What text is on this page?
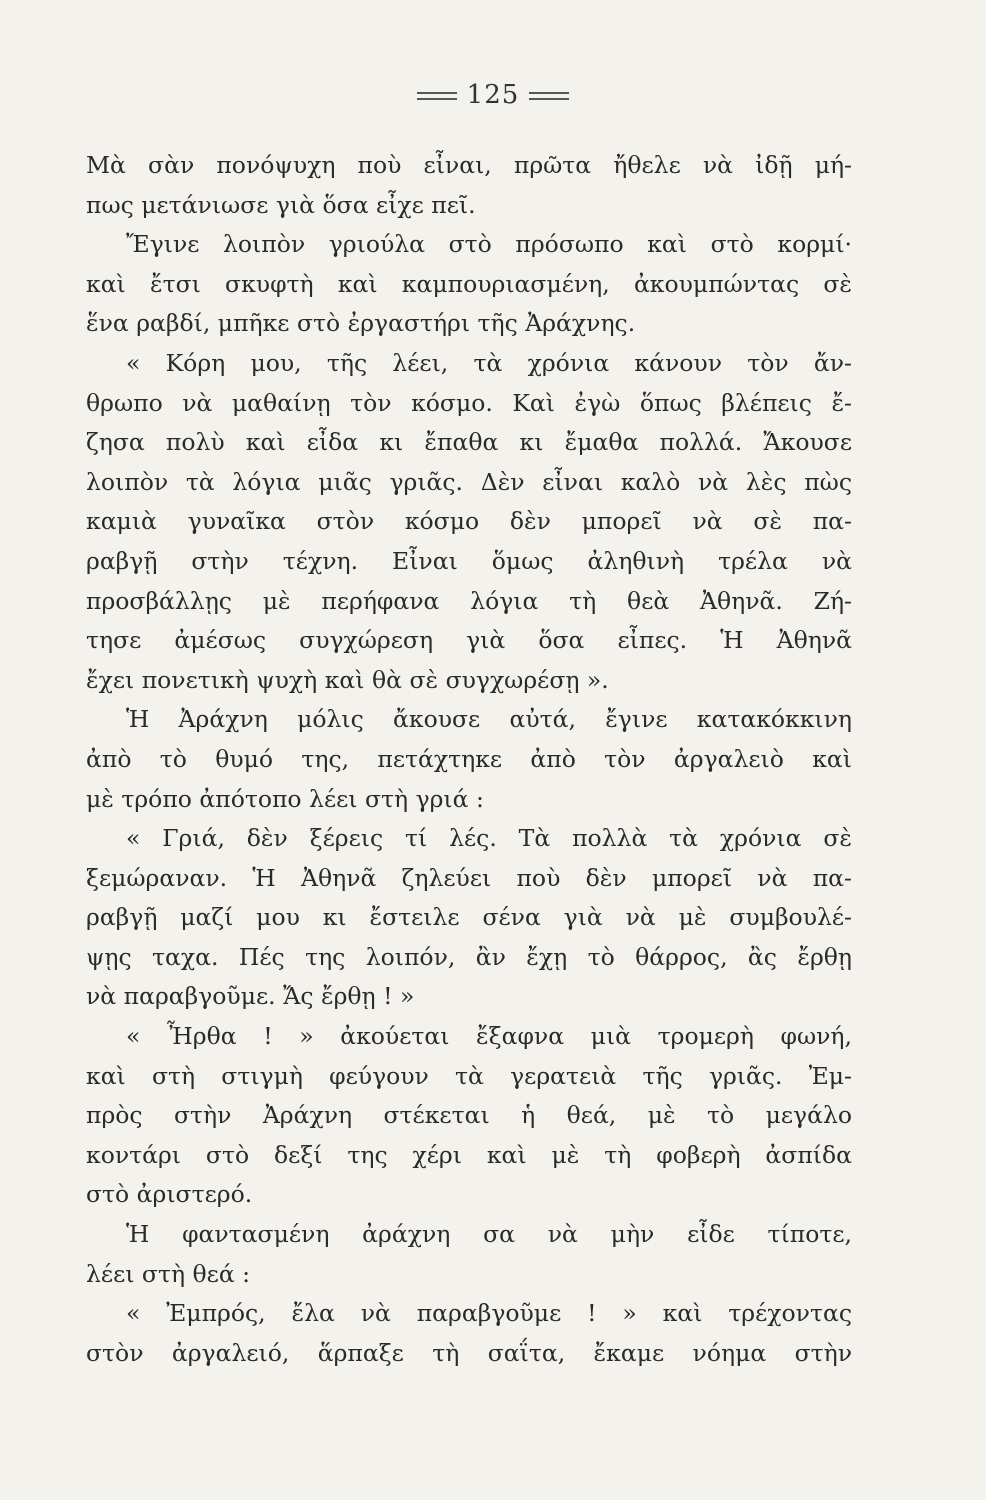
125
Μὰ σὰν πονόψυχη ποὺ εἶναι, πρῶτα ἤθελε νὰ ἰδῇ μή-
πως μετάνιωσε γιὰ ὅσα εἶχε πεῖ.
Ἔγινε λοιπὸν γριούλα στὸ πρόσωπο καὶ στὸ κορμί·
καὶ ἔτσι σκυφτὴ καὶ καμπουριασμένη, ἀκουμπώντας σὲ
ἕνα ραβδί, μπῆκε στὸ ἐργαστήρι τῆς Ἀράχνης.
« Κόρη μου, τῆς λέει, τὰ χρόνια κάνουν τὸν ἄν-
θρωπο νὰ μαθαίνῃ τὸν κόσμο. Καὶ ἐγὼ ὅπως βλέπεις ἔ-
ζησα πολὺ καὶ εἶδα κι ἔπαθα κι ἔμαθα πολλά. Ἄκουσε
λοιπὸν τὰ λόγια μιᾶς γριᾶς. Δὲν εἶναι καλὸ νὰ λὲς πὼς
καμιὰ γυναῖκα στὸν κόσμο δὲν μπορεῖ νὰ σὲ πα-
ραβγῇ στὴν τέχνη. Εἶναι ὅμως ἀληθινὴ τρέλα νὰ
προσβάλλῃς μὲ περήφανα λόγια τὴ θεὰ Ἀθηνᾶ. Ζή-
τησε ἀμέσως συγχώρεση γιὰ ὅσα εἶπες. Ἡ Ἀθηνᾶ
ἔχει πονετικὴ ψυχὴ καὶ θὰ σὲ συγχωρέσῃ ».
Ἡ Ἀράχνη μόλις ἄκουσε αὐτά, ἔγινε κατακόκκινη
ἀπὸ τὸ θυμό της, πετάχτηκε ἀπὸ τὸν ἀργαλειὸ καὶ
μὲ τρόπο ἀπότοπο λέει στὴ γριά :
« Γριά, δὲν ξέρεις τί λές. Τὰ πολλὰ τὰ χρόνια σὲ
ξεμώραναν. Ἡ Ἀθηνᾶ ζηλεύει ποὺ δὲν μπορεῖ νὰ πα-
ραβγῇ μαζί μου κι ἔστειλε σένα γιὰ νὰ μὲ συμβουλέ-
ψῃς ταχα. Πές της λοιπόν, ἂν ἔχῃ τὸ θάρρος, ἂς ἔρθῃ
νὰ παραβγοῦμε. Ἄς ἔρθῃ ! »
« Ἦρθα ! » ἀκούεται ἔξαφνα μιὰ τρομερὴ φωνή,
καὶ στὴ στιγμὴ φεύγουν τὰ γερατειὰ τῆς γριᾶς. Ἐμ-
πρὸς στὴν Ἀράχνη στέκεται ἡ θεά, μὲ τὸ μεγάλο
κοντάρι στὸ δεξί της χέρι καὶ μὲ τὴ φοβερὴ ἀσπίδα
στὸ ἀριστερό.
Ἡ φαντασμένη ἀράχνη σα νὰ μὴν εἶδε τίποτε,
λέει στὴ θεά :
« Ἐμπρός, ἔλα νὰ παραβγοῦμε ! » καὶ τρέχοντας
στὸν ἀργαλειό, ἅρπαξε τὴ σαΐτα, ἔκαμε νόημα στὴν
